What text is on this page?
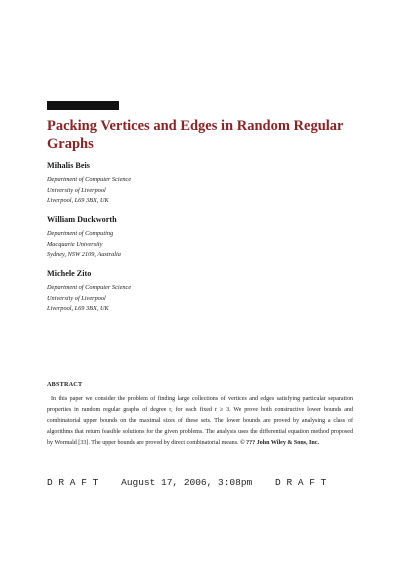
Packing Vertices and Edges in Random Regular Graphs
Mihalis Beis
Department of Computer Science
University of Liverpool
Liverpool, L69 3BX, UK
William Duckworth
Department of Computing
Macquarie University
Sydney, NSW 2109, Australia
Michele Zito
Department of Computer Science
University of Liverpool
Liverpool, L69 3BX, UK
ABSTRACT
In this paper we consider the problem of finding large collections of vertices and edges satisfying particular separation properties in random regular graphs of degree r, for each fixed r ≥ 3. We prove both constructive lower bounds and combinatorial upper bounds on the maximal sizes of these sets. The lower bounds are proved by analysing a class of algorithms that return feasible solutions for the given problems. The analysis uses the differential equation method proposed by Wormald [33]. The upper bounds are proved by direct combinatorial means. © ??? John Wiley & Sons, Inc.
D R A F T    August 17, 2006, 3:08pm    D R A F T
